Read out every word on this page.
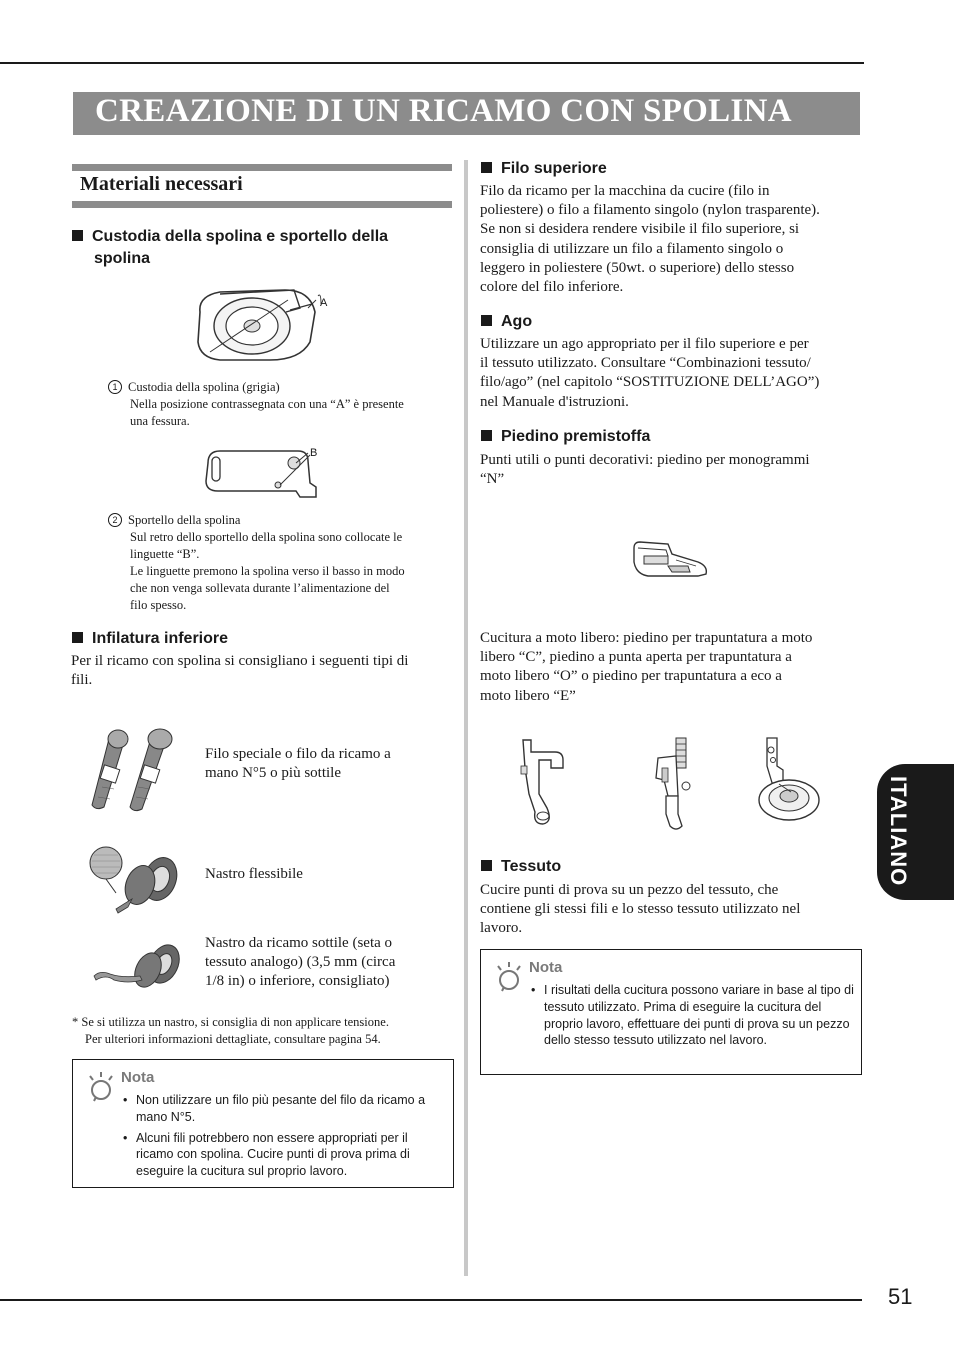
CREAZIONE DI UN RICAMO CON SPOLINA
Materiali necessari
Custodia della spolina e sportello della
spolina
A
1 Custodia della spolina (grigia)
Nella posizione contrassegnata con una “A” è presente
una fessura.
B
2 Sportello della spolina
Sul retro dello sportello della spolina sono collocate le
linguette “B”.
Le linguette premono la spolina verso il basso in modo
che non venga sollevata durante l’alimentazione del
filo spesso.
Infilatura inferiore
Per il ricamo con spolina si consigliano i seguenti tipi di
fili.
Filo speciale o filo da ricamo a
mano N°5 o più sottile
Nastro flessibile
Nastro da ricamo sottile (seta o
tessuto analogo) (3,5 mm (circa
1/8 in) o inferiore, consigliato)
* Se si utilizza un nastro, si consiglia di non applicare tensione.
Per ulteriori informazioni dettagliate, consultare pagina 54.
Nota
• Non utilizzare un filo più pesante del filo da ricamo a mano N°5.
• Alcuni fili potrebbero non essere appropriati per il ricamo con spolina. Cucire punti di prova prima di eseguire la cucitura sul proprio lavoro.
Filo superiore
Filo da ricamo per la macchina da cucire (filo in
poliestere) o filo a filamento singolo (nylon trasparente).
Se non si desidera rendere visibile il filo superiore, si
consiglia di utilizzare un filo a filamento singolo o
leggero in poliestere (50wt. o superiore) dello stesso
colore del filo inferiore.
Ago
Utilizzare un ago appropriato per il filo superiore e per
il tessuto utilizzato. Consultare “Combinazioni tessuto/
filo/ago” (nel capitolo “SOSTITUZIONE DELL’AGO”)
nel Manuale d'istruzioni.
Piedino premistoffa
Punti utili o punti decorativi: piedino per monogrammi
“N”
Cucitura a moto libero: piedino per trapuntatura a moto
libero “C”, piedino a punta aperta per trapuntatura a
moto libero “O” o piedino per trapuntatura a eco a
moto libero “E”
Tessuto
Cucire punti di prova su un pezzo del tessuto, che
contiene gli stessi fili e lo stesso tessuto utilizzato nel
lavoro.
Nota
• I risultati della cucitura possono variare in base al tipo di tessuto utilizzato. Prima di eseguire la cucitura del proprio lavoro, effettuare dei punti di prova su un pezzo dello stesso tessuto utilizzato nel lavoro.
ITALIANO
51
